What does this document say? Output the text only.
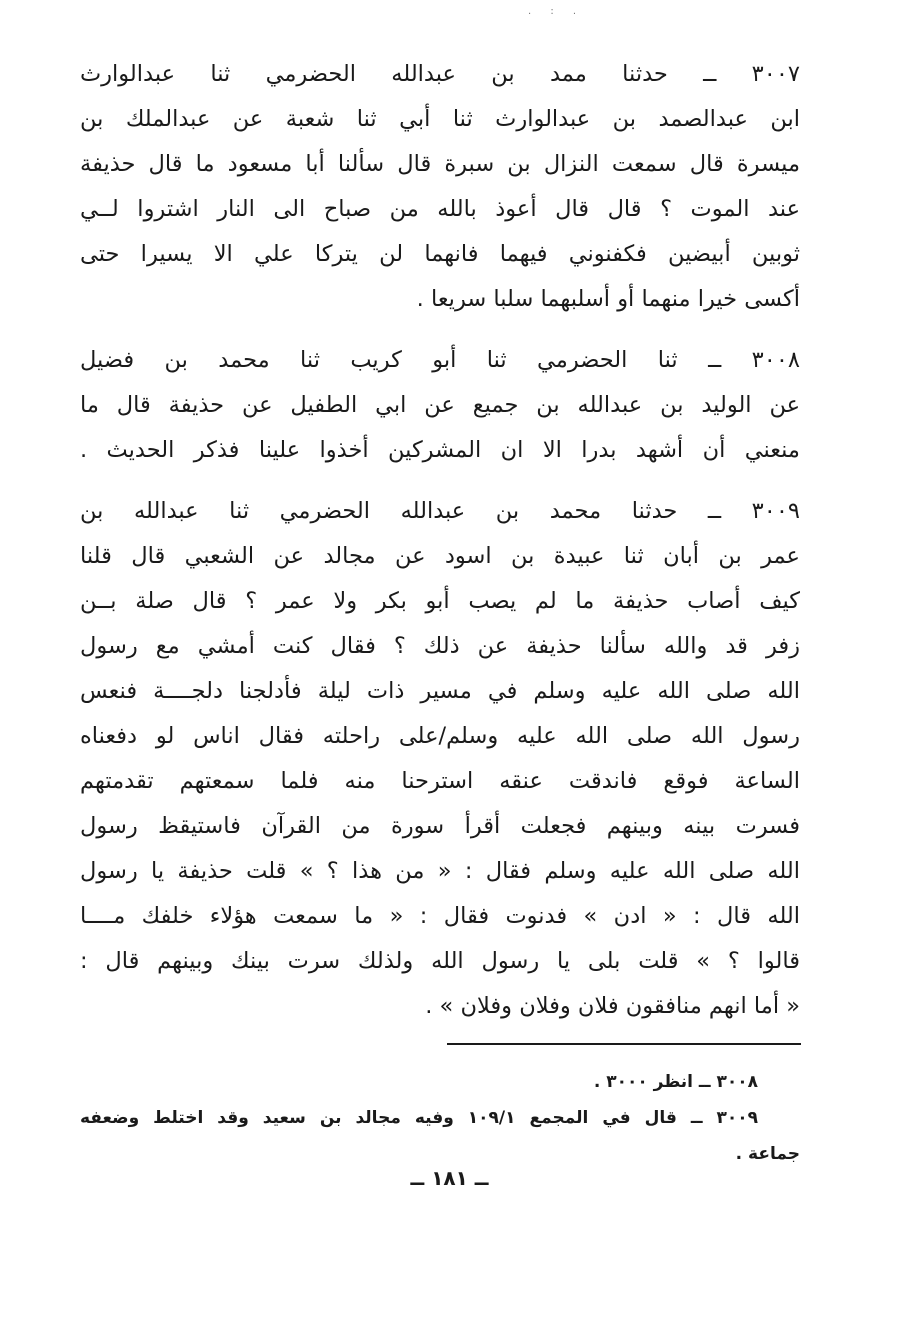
. : .
٣٠٠٧ ــ حدثنا ممد بن عبدالله الحضرمي ثنا عبدالوارث
ابن عبدالصمد بن عبدالوارث ثنا أبي ثنا شعبة عن عبدالملك بن
ميسرة قال سمعت النزال بن سبرة قال سألنا أبا مسعود ما قال حذيفة
عند الموت ؟ قال قال أعوذ بالله من صباح الى النار اشتروا لــي
ثوبين أبيضين فكفنوني فيهما فانهما لن يتركا علي الا يسيرا حتى
أكسى خيرا منهما أو أسلبهما سلبا سريعا .
٣٠٠٨ ــ ثنا الحضرمي ثنا أبو كريب ثنا محمد بن فضيل
عن الوليد بن عبدالله بن جميع عن ابي الطفيل عن حذيفة قال ما
منعني أن أشهد بدرا الا ان المشركين أخذوا علينا فذكر الحديث .
٣٠٠٩ ــ حدثنا محمد بن عبدالله الحضرمي ثنا عبدالله بن
عمر بن أبان ثنا عبيدة بن اسود عن مجالد عن الشعبي قال قلنا
كيف أصاب حذيفة ما لم يصب أبو بكر ولا عمر ؟ قال صلة بــن
زفر قد والله سألنا حذيفة عن ذلك ؟ فقال كنت أمشي مع رسول
الله صلى الله عليه وسلم في مسير ذات ليلة فأدلجنا دلجــــة فنعس
رسول الله صلى الله عليه وسلم/على راحلته فقال اناس لو دفعناه
الساعة فوقع فاندقت عنقه استرحنا منه فلما سمعتهم تقدمتهم
فسرت بينه وبينهم فجعلت أقرأ سورة من القرآن فاستيقظ رسول
الله صلى الله عليه وسلم فقال : « من هذا ؟ » قلت حذيفة يا رسول
الله قال : « ادن » فدنوت فقال : « ما سمعت هؤلاء خلفك مــــا
قالوا ؟ » قلت بلى يا رسول الله ولذلك سرت بينك وبينهم قال :
« أما انهم منافقون فلان وفلان وفلان » .
٣٠٠٨ ــ انظر ٣٠٠٠ .
٣٠٠٩ ــ قال في المجمع ١٠٩/١ وفيه مجالد بن سعيد وقد اختلط وضعفه
جماعة .
ــ ١٨١ ــ
